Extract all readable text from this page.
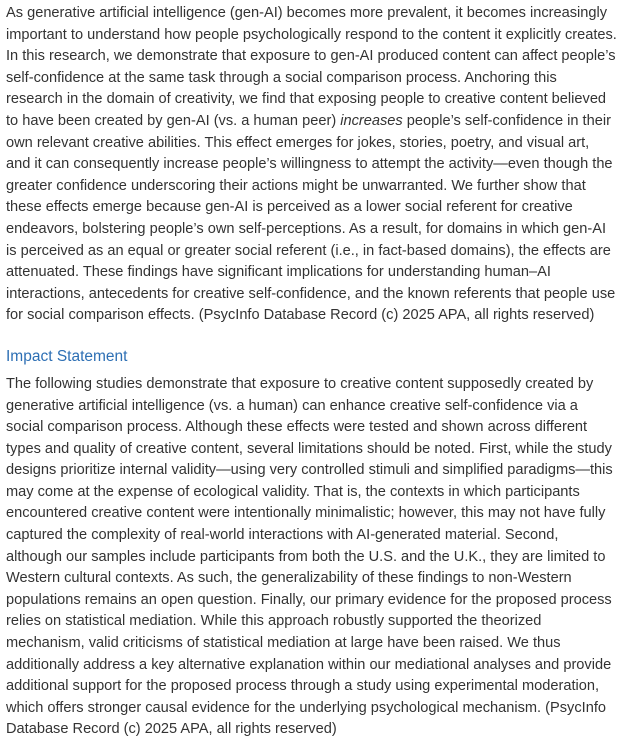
As generative artificial intelligence (gen-AI) becomes more prevalent, it becomes increasingly important to understand how people psychologically respond to the content it explicitly creates. In this research, we demonstrate that exposure to gen-AI produced content can affect people’s self-confidence at the same task through a social comparison process. Anchoring this research in the domain of creativity, we find that exposing people to creative content believed to have been created by gen-AI (vs. a human peer) increases people’s self-confidence in their own relevant creative abilities. This effect emerges for jokes, stories, poetry, and visual art, and it can consequently increase people’s willingness to attempt the activity—even though the greater confidence underscoring their actions might be unwarranted. We further show that these effects emerge because gen-AI is perceived as a lower social referent for creative endeavors, bolstering people’s own self-perceptions. As a result, for domains in which gen-AI is perceived as an equal or greater social referent (i.e., in fact-based domains), the effects are attenuated. These findings have significant implications for understanding human–AI interactions, antecedents for creative self-confidence, and the known referents that people use for social comparison effects. (PsycInfo Database Record (c) 2025 APA, all rights reserved)

Impact Statement

The following studies demonstrate that exposure to creative content supposedly created by generative artificial intelligence (vs. a human) can enhance creative self-confidence via a social comparison process. Although these effects were tested and shown across different types and quality of creative content, several limitations should be noted. First, while the study designs prioritize internal validity—using very controlled stimuli and simplified paradigms—this may come at the expense of ecological validity. That is, the contexts in which participants encountered creative content were intentionally minimalistic; however, this may not have fully captured the complexity of real-world interactions with AI-generated material. Second, although our samples include participants from both the U.S. and the U.K., they are limited to Western cultural contexts. As such, the generalizability of these findings to non-Western populations remains an open question. Finally, our primary evidence for the proposed process relies on statistical mediation. While this approach robustly supported the theorized mechanism, valid criticisms of statistical mediation at large have been raised. We thus additionally address a key alternative explanation within our mediational analyses and provide additional support for the proposed process through a study using experimental moderation, which offers stronger causal evidence for the underlying psychological mechanism. (PsycInfo Database Record (c) 2025 APA, all rights reserved)
